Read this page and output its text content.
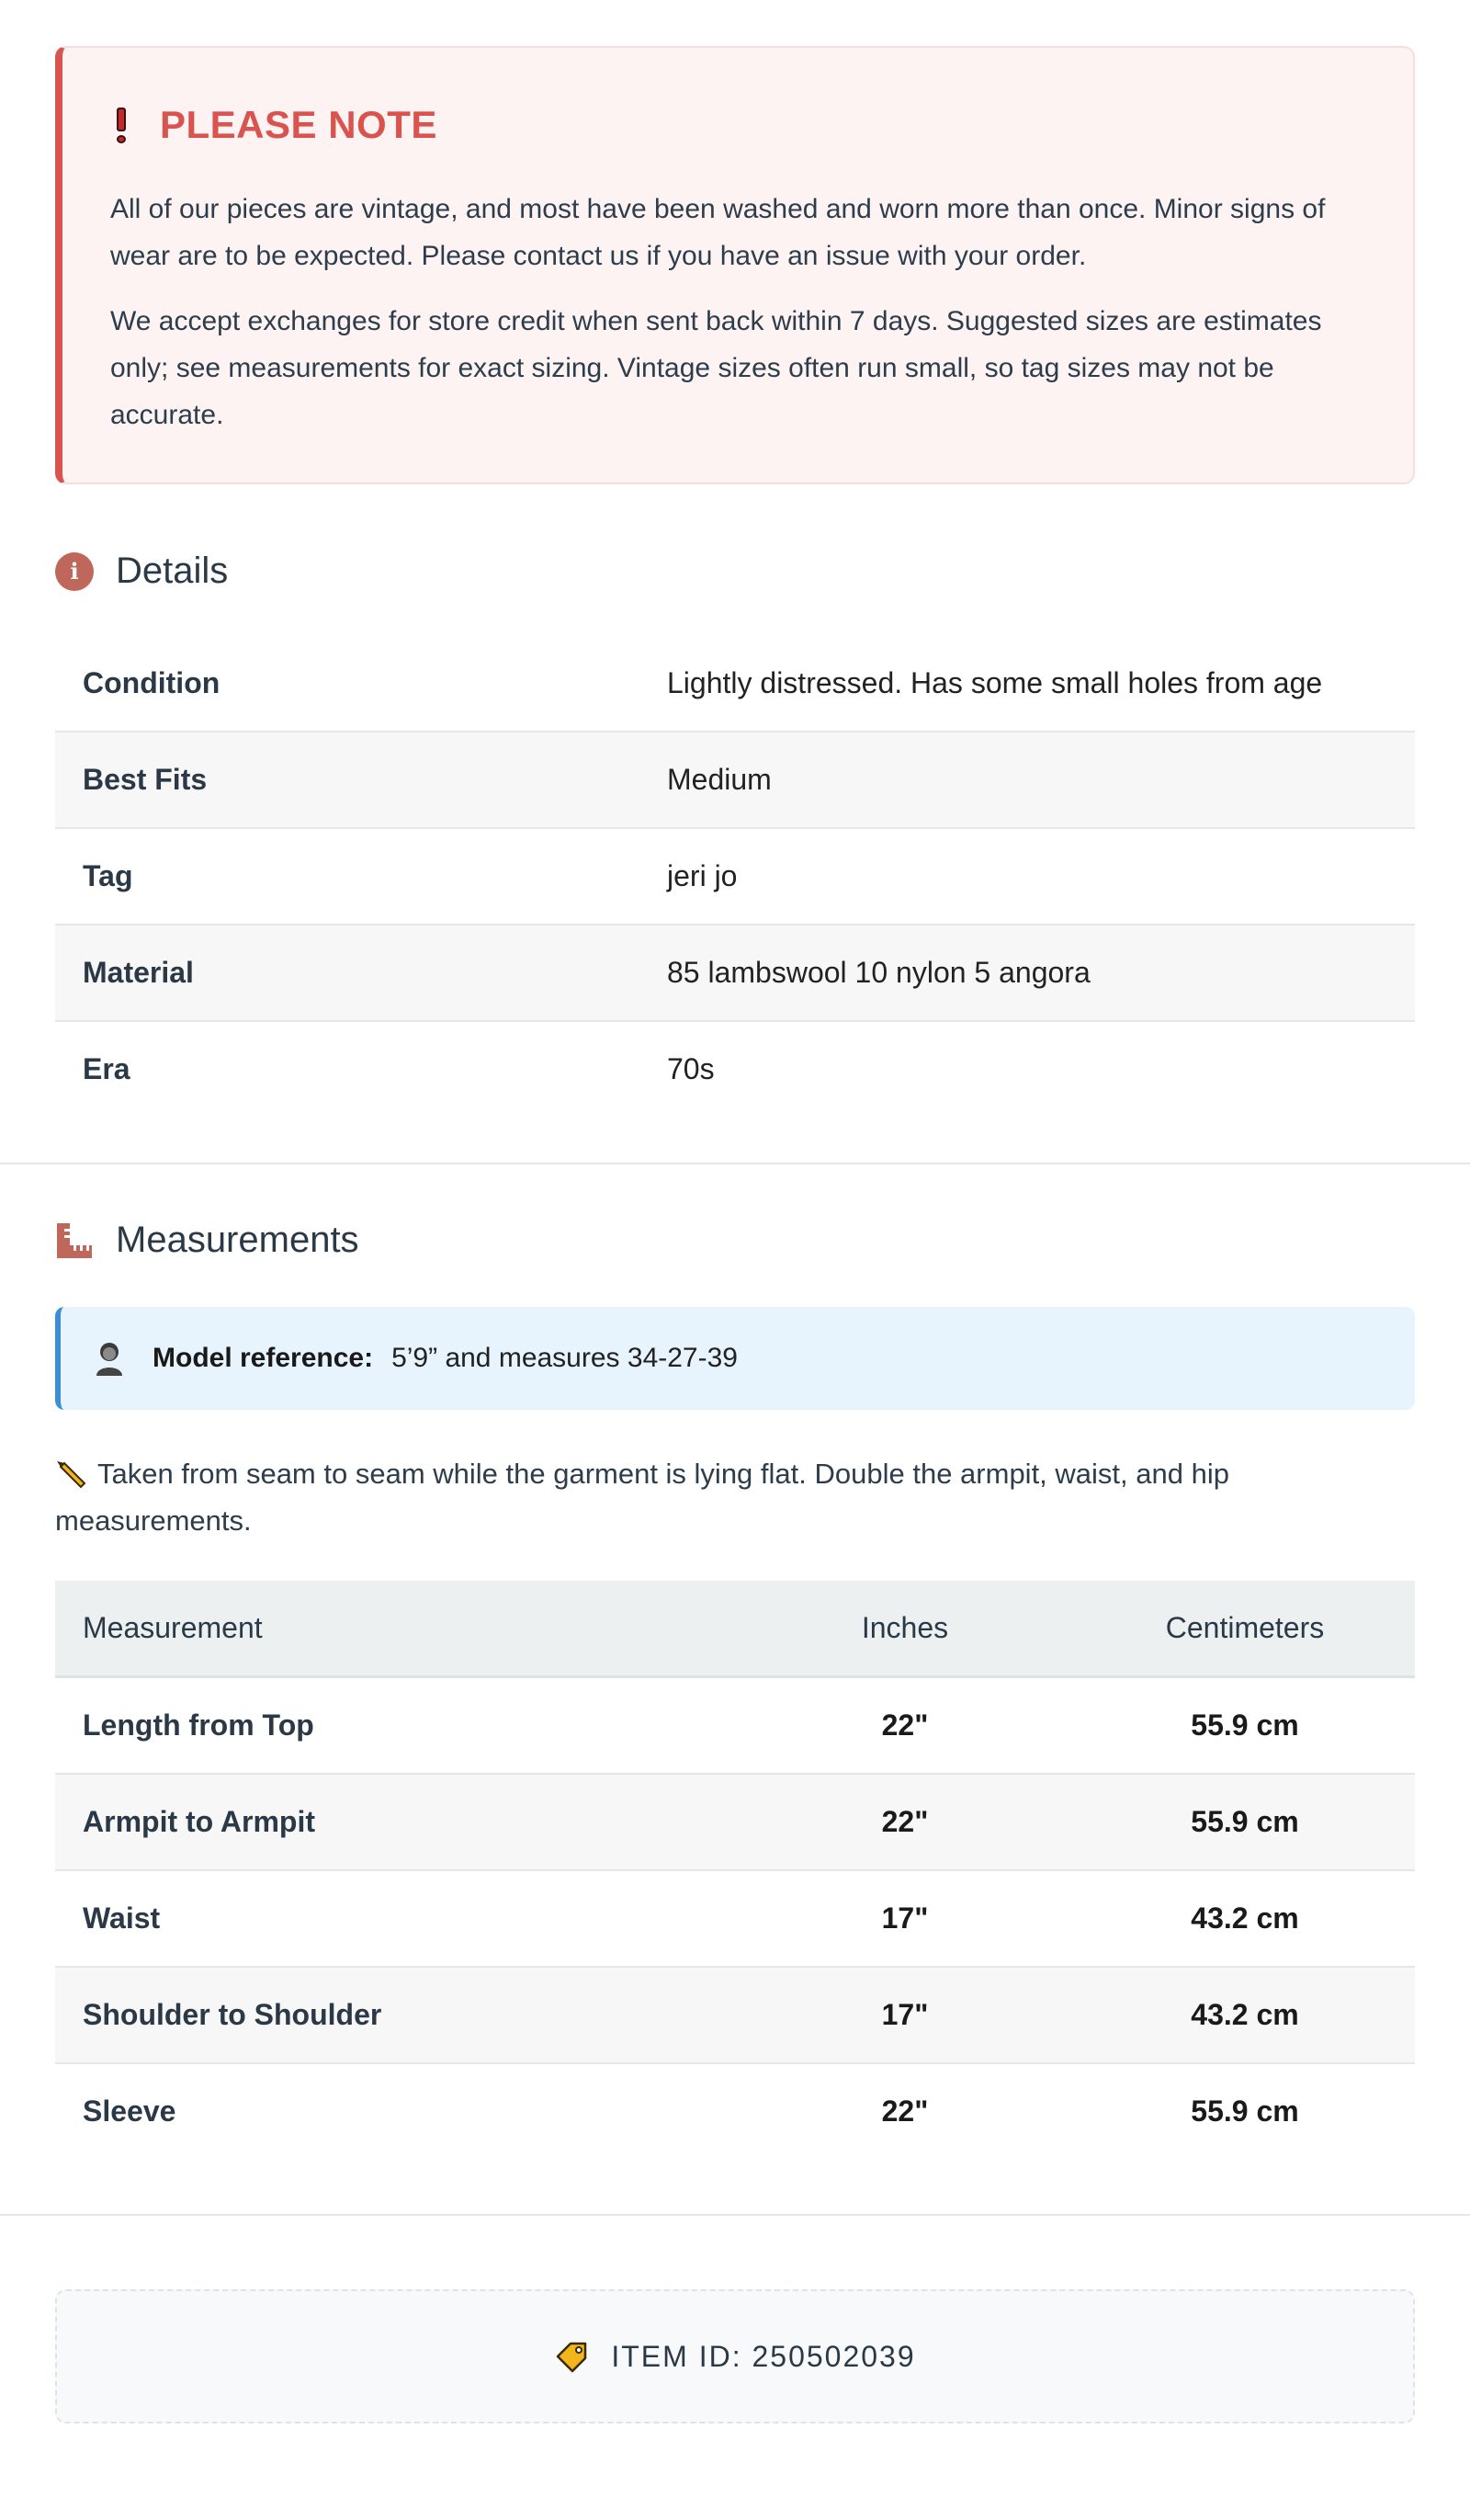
PLEASE NOTE

All of our pieces are vintage, and most have been washed and worn more than once. Minor signs of wear are to be expected. Please contact us if you have an issue with your order.

We accept exchanges for store credit when sent back within 7 days. Suggested sizes are estimates only; see measurements for exact sizing. Vintage sizes often run small, so tag sizes may not be accurate.

i	Details
Condition	Lightly distressed. Has some small holes from age
Best Fits	Medium
Tag	jeri jo
Material	85 lambswool 10 nylon 5 angora
Era	70s
Measurements
Model reference: 5’9” and measures 34-27-39
Taken from seam to seam while the garment is lying flat. Double the armpit, waist, and hip measurements.
Measurement	Inches	Centimeters
Length from Top	22"	55.9 cm
Armpit to Armpit	22"	55.9 cm
Waist	17"	43.2 cm
Shoulder to Shoulder	17"	43.2 cm
Sleeve	22"	55.9 cm
ITEM ID: 250502039
